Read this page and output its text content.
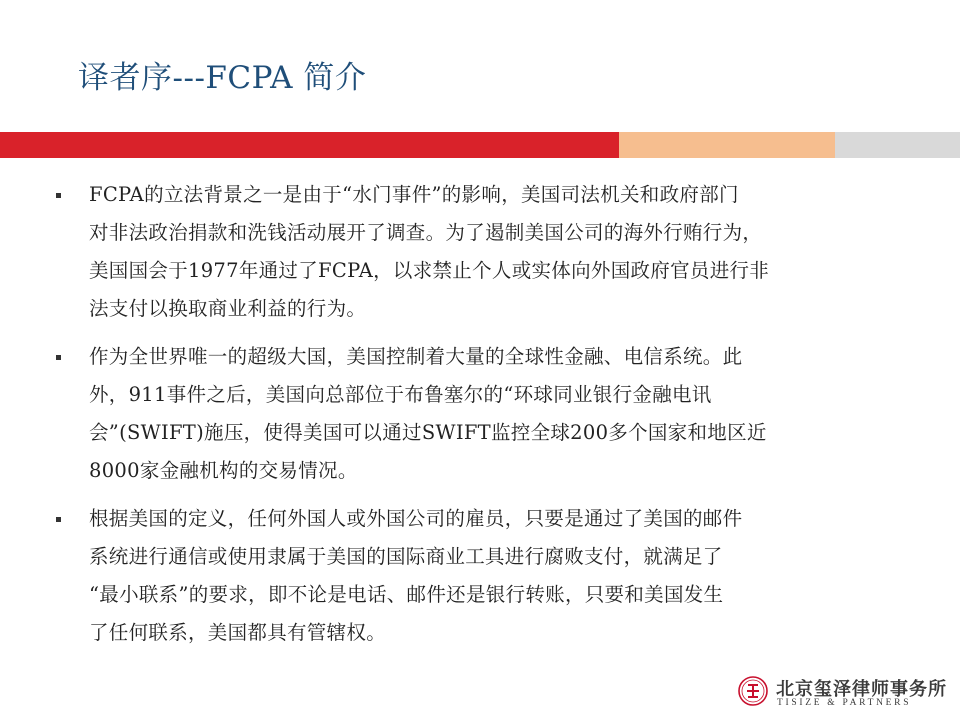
译者序---FCPA 简介
FCPA的立法背景之一是由于“水门事件”的影响，美国司法机关和政府部门
对非法政治捐款和洗钱活动展开了调查。为了遏制美国公司的海外行贿行为，
美国国会于1977年通过了FCPA，以求禁止个人或实体向外国政府官员进行非
法支付以换取商业利益的行为。
作为全世界唯一的超级大国，美国控制着大量的全球性金融、电信系统。此
外，911事件之后，美国向总部位于布鲁塞尔的“环球同业银行金融电讯
会”(SWIFT)施压，使得美国可以通过SWIFT监控全球200多个国家和地区近
8000家金融机构的交易情况。
根据美国的定义，任何外国人或外国公司的雇员，只要是通过了美国的邮件
系统进行通信或使用隶属于美国的国际商业工具进行腐败支付，就满足了
“最小联系”的要求，即不论是电话、邮件还是银行转账，只要和美国发生
了任何联系，美国都具有管辖权。
北京玺泽律师事务所
TISIZE & PARTNERS
